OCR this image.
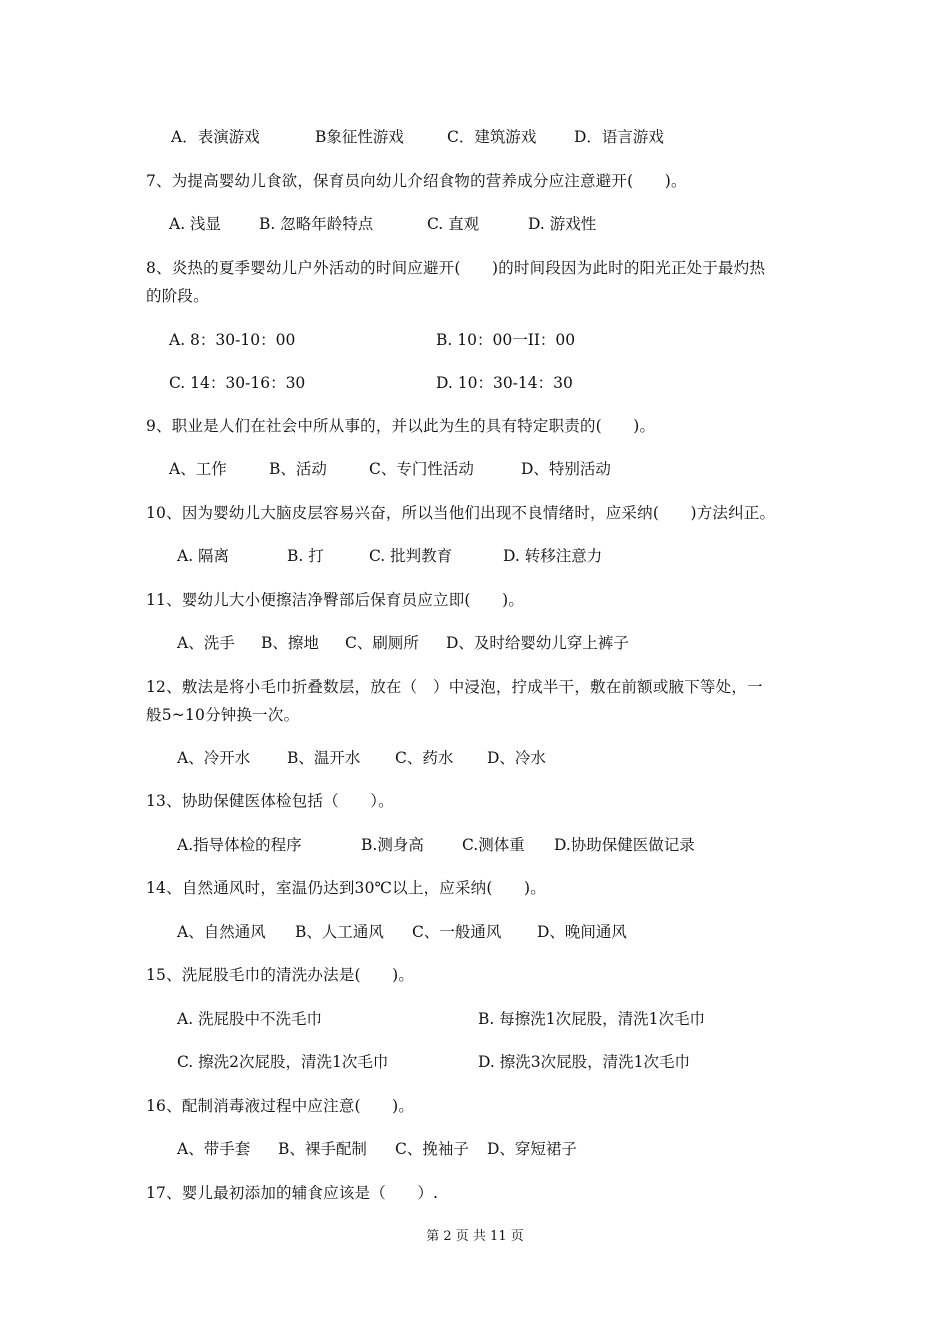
A．表演游戏	B象征性游戏	C．建筑游戏 D．语言游戏
7、为提高婴幼儿食欲，保育员向幼儿介绍食物的营养成分应注意避开(　　)。
A. 浅显 B. 忽略年龄特点	C. 直观	D. 游戏性
8、炎热的夏季婴幼儿户外活动的时间应避开(　　)的时间段因为此时的阳光正处于最灼热
的阶段。
A. 8：30-10：00	B. 10：00一II：00
C. 14：30-16：30	D. 10：30-14：30
9、职业是人们在社会中所从事的，并以此为生的具有特定职责的(　　)。
A、工作	B、活动	C、专门性活动	D、特别活动
10、因为婴幼儿大脑皮层容易兴奋，所以当他们出现不良情绪时，应采纳(　　)方法纠正。
A. 隔离	B. 打	C. 批判教育	D. 转移注意力
11、婴幼儿大小便擦洁净臀部后保育员应立即(　　)。
A、洗手 B、擦地 C、刷厕所 D、及时给婴幼儿穿上裤子
12、敷法是将小毛巾折叠数层，放在（　）中浸泡，拧成半干，敷在前额或腋下等处，一
般5~10分钟换一次。
A、冷开水 B、温开水 C、药水 D、冷水
13、协助保健医体检包括（　　）。
A.指导体检的程序	B.测身高 C.测体重 D.协助保健医做记录
14、自然通风时，室温仍达到30℃以上，应采纳(　　)。
A、自然通风 B、人工通风 C、一般通风 D、晚间通风
15、洗屁股毛巾的清洗办法是(　　)。
A. 洗屁股中不洗毛巾	B. 每擦洗1次屁股，清洗1次毛巾
C. 擦洗2次屁股，清洗1次毛巾	D. 擦洗3次屁股，清洗1次毛巾
16、配制消毒液过程中应注意(　　)。
A、带手套 B、裸手配制 C、挽袖子 D、穿短裙子
17、婴儿最初添加的辅食应该是（　　）.
第 2 页 共 11 页
